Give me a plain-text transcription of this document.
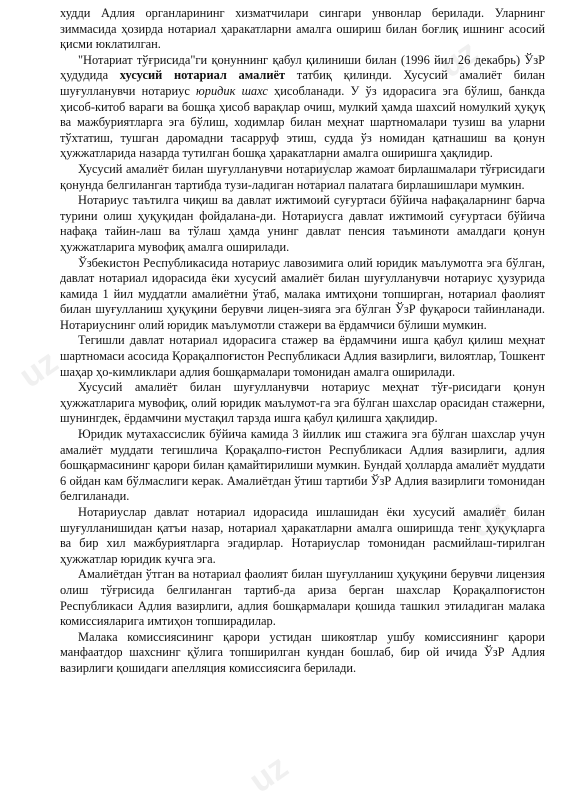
uz
uz
uz
uz
uz

худди Адлия органларининг хизматчилари сингари унвонлар берилади. Уларнинг зиммасида ҳозирда нотариал ҳаракатларни амалга ошириш билан боғлиқ ишнинг асосий қисми юклатилган.

"Нотариат тўғрисида"ги қонуннинг қабул қилиниши билан (1996 йил 26 декабрь) ЎзР ҳудудида хусусий нотариал амалиёт татбиқ қилинди. Хусусий амалиёт билан шуғулланувчи нотариус юридик шахс ҳисобланади. У ўз идорасига эга бўлиш, банкда ҳисоб-китоб вараги ва бошқа ҳисоб варақлар очиш, мулкий ҳамда шахсий номулкий ҳуқуқ ва мажбуриятларга эга бўлиш, ходимлар билан меҳнат шартномалари тузиш ва уларни тўхтатиш, тушган даромадни тасарруф этиш, судда ўз номидан қатнашиш ва қонун ҳужжатларида назарда тутилган бошқа ҳаракатларни амалга оширишга ҳақлидир.

Хусусий амалиёт билан шуғулланувчи нотариуслар жамоат бирлашмалари тўғрисидаги қонунда белгиланган тартибда тузи-ладиган нотариал палатага бирлашишлари мумкин.

Нотариус таътилга чиқиш ва давлат ижтимоий суғуртаси бўйича нафақаларнинг барча турини олиш ҳуқуқидан фойдалана-ди. Нотариусга давлат ижтимоий суғуртаси бўйича нафақа тайин-лаш ва тўлаш ҳамда унинг давлат пенсия таъминоти амалдаги қонун ҳужжатларига мувофиқ амалга оширилади.

Ўзбекистон Республикасида нотариус лавозимига олий юридик маълумотга эга бўлган, давлат нотариал идорасида ёки хусусий амалиёт билан шуғулланувчи нотариус ҳузурида камида 1 йил муддатли амалиётни ўтаб, малака имтиҳони топширган, нотариал фаолият билан шуғулланиш ҳуқуқини берувчи лицен-зияга эга бўлган ЎзР фуқароси тайинланади. Нотариуснинг олий юридик маълумотли стажери ва ёрдамчиси бўлиши мумкин.

Тегишли давлат нотариал идорасига стажер ва ёрдамчини ишга қабул қилиш меҳнат шартномаси асосида Қорақалпоғистон Республикаси Адлия вазирлиги, вилоятлар, Тошкент шаҳар ҳо-кимликлари адлия бошқармалари томонидан амалга оширилади.

Хусусий амалиёт билан шуғулланувчи нотариус меҳнат тўғ-рисидаги қонун ҳужжатларига мувофиқ, олий юридик маълумот-га эга бўлган шахслар орасидан стажерни, шунингдек, ёрдамчини мустақил тарзда ишга қабул қилишга ҳақлидир.

Юридик мутахассислик бўйича камида 3 йиллик иш стажига эга бўлган шахслар учун амалиёт муддати тегишлича Қорақалпо-ғистон Республикаси Адлия вазирлиги, адлия бошқармасининг қарори билан қамайтирилиши мумкин. Бундай ҳолларда амалиёт муддати 6 ойдан кам бўлмаслиги керак. Амалиётдан ўтиш тартиби ЎзР Адлия вазирлиги томонидан белгиланади.

Нотариуслар давлат нотариал идорасида ишлашидан ёки хусусий амалиёт билан шуғулланишидан қатъи назар, нотариал ҳаракатларни амалга оширишда тенг ҳуқуқларга ва бир хил мажбуриятларга эгадирлар. Нотариуслар томонидан расмийлаш-тирилган ҳужжатлар юридик кучга эга.

Амалиётдан ўтган ва нотариал фаолият билан шуғулланиш ҳуқуқини берувчи лицензия олиш тўғрисида белгиланган тартиб-да ариза берган шахслар Қорақалпоғистон Республикаси Адлия вазирлиги, адлия бошқармалари қошида ташкил этиладиган малака комиссияларига имтиҳон топширадилар.

Малака комиссиясининг қарори устидан шикоятлар ушбу комиссиянинг қарори манфаатдор шахснинг қўлига топширилган кундан бошлаб, бир ой ичида ЎзР Адлия вазирлиги қошидаги апелляция комиссиясига берилади.
